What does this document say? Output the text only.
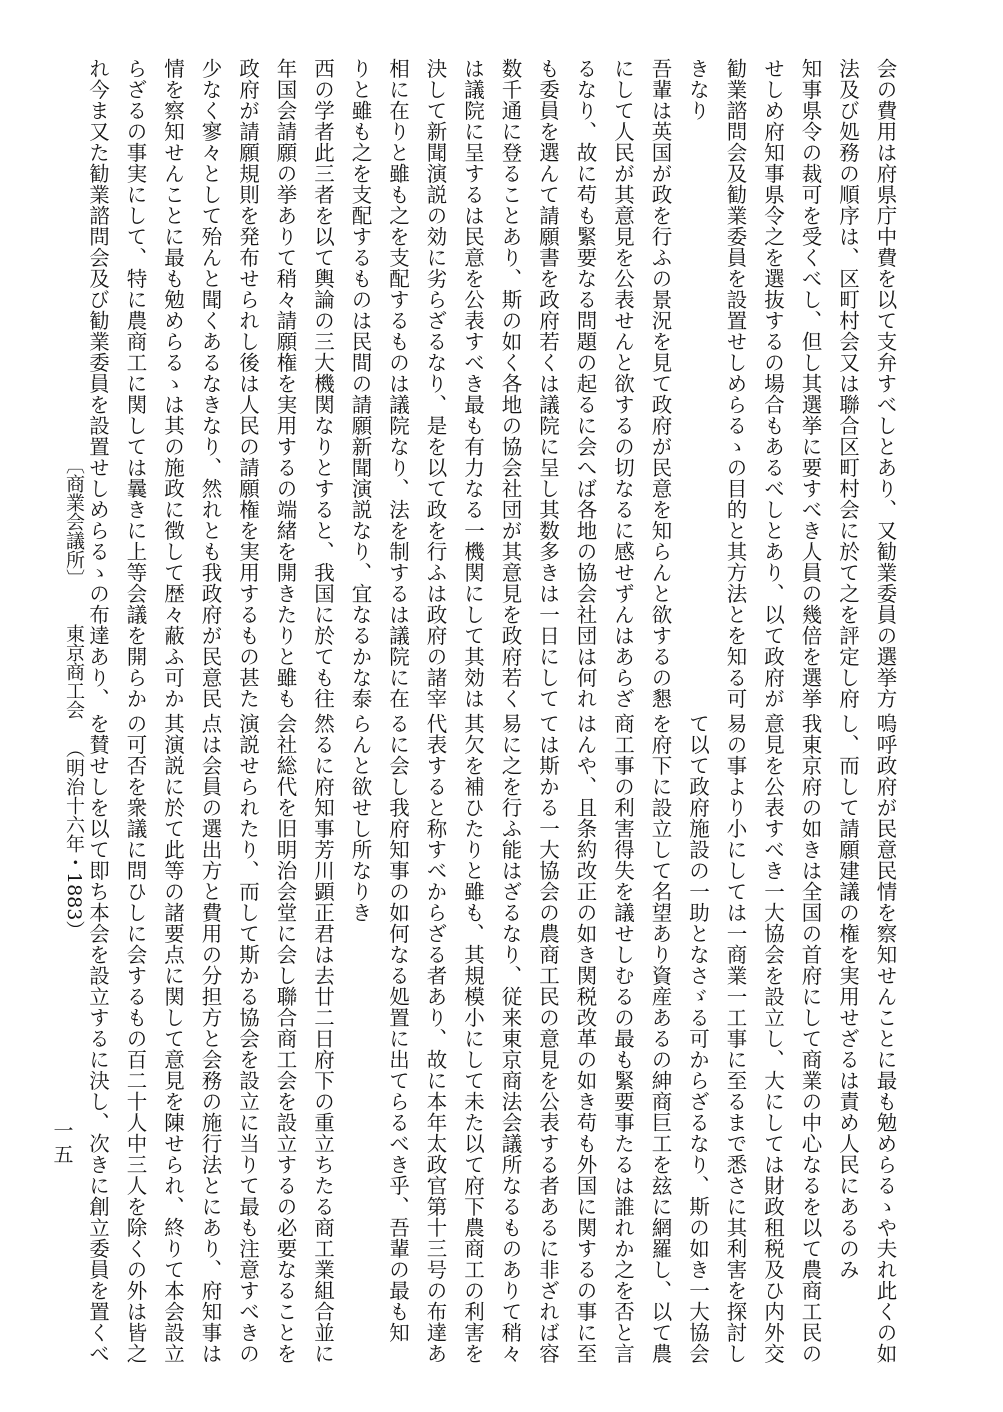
会の費用は府県庁中費を以て支弁すべしとあり、又勧業委員の選挙方
法及び処務の順序は、区町村会又は聯合区町村会に於て之を評定し府
知事県令の裁可を受くべし、但し其選挙に要すべき人員の幾倍を選挙
せしめ府知事県令之を選抜するの場合もあるべしとあり、以て政府が
勧業諮問会及勧業委員を設置せしめらるゝの目的と其方法とを知る可
きなり
吾輩は英国が政を行ふの景況を見て政府が民意を知らんと欲するの懇
にして人民が其意見を公表せんと欲するの切なるに感せずんはあらざ
るなり、故に苟も緊要なる問題の起るに会へば各地の協会社団は何れ
も委員を選んて請願書を政府若くは議院に呈し其数多きは一日にして
数千通に登ることあり、斯の如く各地の協会社団が其意見を政府若く
は議院に呈するは民意を公表すべき最も有力なる一機関にして其効は
決して新聞演説の効に劣らざるなり、是を以て政を行ふは政府の諸宰
相に在りと雖も之を支配するものは議院なり、法を制するは議院に在
りと雖も之を支配するものは民間の請願新聞演説なり、宜なるかな泰
西の学者此三者を以て輿論の三大機関なりとすると、我国に於ても往
年国会請願の挙ありて稍々請願権を実用するの端緒を開きたりと雖も
政府が請願規則を発布せられし後は人民の請願権を実用するもの甚た
少なく寥々として殆んと聞くあるなきなり、然れとも我政府が民意民
情を察知せんことに最も勉めらるゝは其の施政に徴して歴々蔽ふ可か
らざるの事実にして、特に農商工に関しては曩きに上等会議を開らか
れ今ま又た勧業諮問会及び勧業委員を設置せしめらるゝの布達あり、
嗚呼政府が民意民情を察知せんことに最も勉めらるゝや夫れ此くの如
し、而して請願建議の権を実用せざるは責め人民にあるのみ
我東京府の如きは全国の首府にして商業の中心なるを以て農商工民の
意見を公表すべき一大協会を設立し、大にしては財政租税及ひ内外交
易の事より小にしては一商業一工事に至るまで悉さに其利害を探討し
て以て政府施設の一助となさゞる可からざるなり、斯の如き一大協会
を府下に設立して名望あり資産あるの紳商巨工を玆に網羅し、以て農
商工事の利害得失を議せしむるの最も緊要事たるは誰れか之を否と言
はんや、且条約改正の如き関税改革の如き苟も外国に関するの事に至
ては斯かる一大協会の農商工民の意見を公表する者あるに非ざれば容
易に之を行ふ能はざるなり、従来東京商法会議所なるものありて稍々
其欠を補ひたりと雖も、其規模小にして未た以て府下農商工の利害を
代表すると称すべからざる者あり、故に本年太政官第十三号の布達あ
るに会し我府知事の如何なる処置に出てらるべき乎、吾輩の最も知
らんと欲せし所なりき
然るに府知事芳川顕正君は去廿二日府下の重立ちたる商工業組合並に
会社総代を旧明治会堂に会し聯合商工会を設立するの必要なることを
演説せられたり、而して斯かる協会を設立に当りて最も注意すべきの
点は会員の選出方と費用の分担方と会務の施行法とにあり、府知事は
其演説に於て此等の諸要点に関して意見を陳せられ、終りて本会設立
の可否を衆議に問ひしに会するもの百二十人中三人を除くの外は皆之
を賛せしを以て即ち本会を設立するに決し、次きに創立委員を置くべ
〔商業会議所〕東京商工会（明治十六年・1883）
一五
